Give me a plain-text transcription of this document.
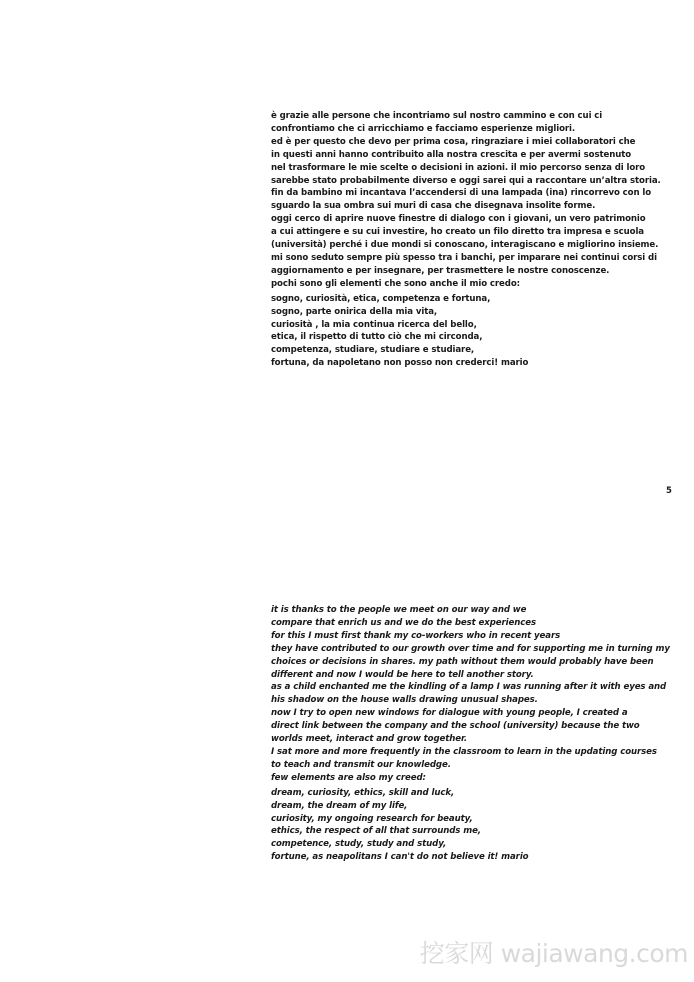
è grazie alle persone che incontriamo sul nostro cammino e con cui ci
confrontiamo che ci arricchiamo e facciamo esperienze migliori.
ed è per questo che devo per prima cosa, ringraziare i miei collaboratori che
in questi anni hanno contribuito alla nostra crescita e per avermi sostenuto
nel trasformare le mie scelte o decisioni in azioni. il mio percorso senza di loro
sarebbe stato probabilmente diverso e oggi sarei qui a raccontare un’altra storia.
fin da bambino mi incantava l’accendersi di una lampada (ina) rincorrevo con lo
sguardo la sua ombra sui muri di casa che disegnava insolite forme.
oggi cerco di aprire nuove finestre di dialogo con i giovani, un vero patrimonio
a cui attingere e su cui investire, ho creato un filo diretto tra impresa e scuola
(università) perché i due mondi si conoscano, interagiscano e migliorino insieme.
mi sono seduto sempre più spesso tra i banchi, per imparare nei continui corsi di
aggiornamento e per insegnare, per trasmettere le nostre conoscenze.
pochi sono gli elementi che sono anche il mio credo:
sogno, curiosità, etica, competenza e fortuna,
sogno, parte onirica della mia vita,
curiosità , la mia continua ricerca del bello,
etica, il rispetto di tutto ciò che mi circonda,
competenza, studiare, studiare e studiare,
fortuna, da napoletano non posso non crederci! mario
5
it is thanks to the people we meet on our way and we
compare that enrich us and we do the best experiences
for this I must first thank my co-workers who in recent years
they have contributed to our growth over time and for supporting me in turning my
choices or decisions in shares. my path without them would probably have been
different and now I would be here to tell another story.
as a child enchanted me the kindling of a lamp I was running after it with eyes and
his shadow on the house walls drawing unusual shapes.
now I try to open new windows for dialogue with young people, I created a
direct link between the company and the school (university) because the two
worlds meet, interact and grow together.
I sat more and more frequently in the classroom to learn in the updating courses
to teach and transmit our knowledge.
few elements are also my creed:
dream, curiosity, ethics, skill and luck,
dream, the dream of my life,
curiosity, my ongoing research for beauty,
ethics, the respect of all that surrounds me,
competence, study, study and study,
fortune, as neapolitans I can't do not believe it! mario
挖家网 wajiawang.com
